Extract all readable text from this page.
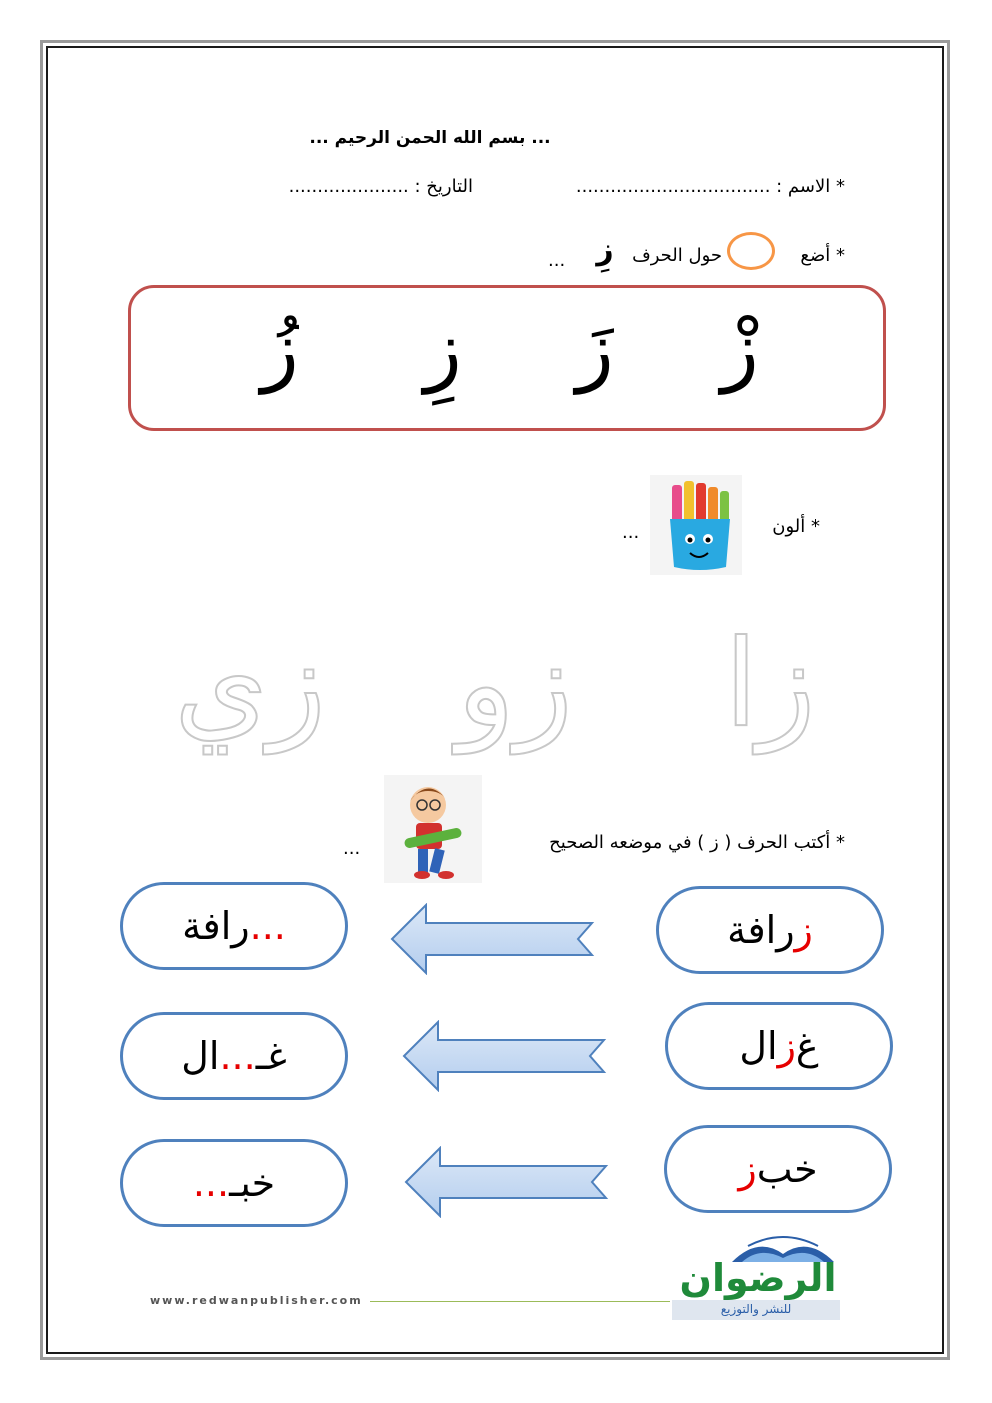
... بسم الله الحمن الرحيم ...
* الاسم : ..................................
التاريخ : .....................
* أضع
حول الحرف
زِ
...
زْ
زَ
زِ
زُ
* ألون
...
زا
زو
زي
* أكتب الحرف ( ز ) في موضعه الصحيح
...
ز
رافة
...
رافة
غ
ز
ال
غـ
...
ال
خب
ز
خبـ
...
www.redwanpublisher.com
الرضوان
للنشر والتوزيع
